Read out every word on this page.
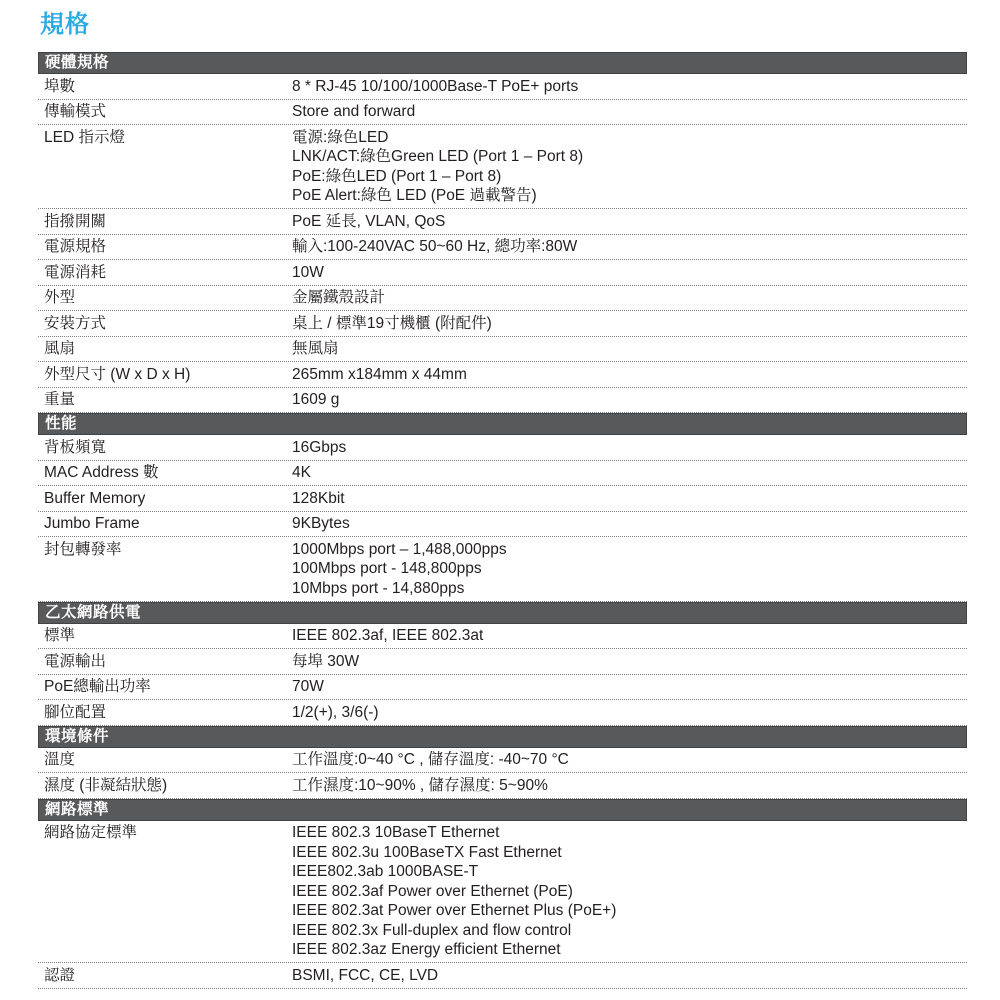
規格
硬體規格
埠數	8 * RJ-45 10/100/1000Base-T PoE+ ports
傳輸模式	Store and forward
LED 指示燈	電源:綠色LED
LNK/ACT:綠色Green LED (Port 1 – Port 8)
PoE:綠色LED (Port 1 – Port 8)
PoE Alert:綠色 LED (PoE 過載警告)
指撥開關	PoE 延長, VLAN, QoS
電源規格	輸入:100-240VAC 50~60 Hz, 總功率:80W
電源消耗	10W
外型	金屬鐵殼設計
安裝方式	桌上 / 標準19寸機櫃 (附配件)
風扇	無風扇
外型尺寸 (W x D x H)	265mm x184mm x 44mm
重量	1609 g
性能
背板頻寬	16Gbps
MAC Address 數	4K
Buffer Memory	128Kbit
Jumbo Frame	9KBytes
封包轉發率	1000Mbps port – 1,488,000pps
100Mbps port - 148,800pps
10Mbps port - 14,880pps
乙太網路供電
標準	IEEE 802.3af, IEEE 802.3at
電源輸出	每埠 30W
PoE總輸出功率	70W
腳位配置	1/2(+), 3/6(-)
環境條件
溫度	工作溫度:0~40 °C , 儲存溫度: -40~70 °C
濕度 (非凝結狀態)	工作濕度:10~90% , 儲存濕度: 5~90%
網路標準
網路協定標準	IEEE 802.3 10BaseT Ethernet
IEEE 802.3u 100BaseTX Fast Ethernet
IEEE802.3ab 1000BASE-T
IEEE 802.3af Power over Ethernet (PoE)
IEEE 802.3at Power over Ethernet Plus (PoE+)
IEEE 802.3x Full-duplex and flow control
IEEE 802.3az Energy efficient Ethernet
認證	BSMI, FCC, CE, LVD
